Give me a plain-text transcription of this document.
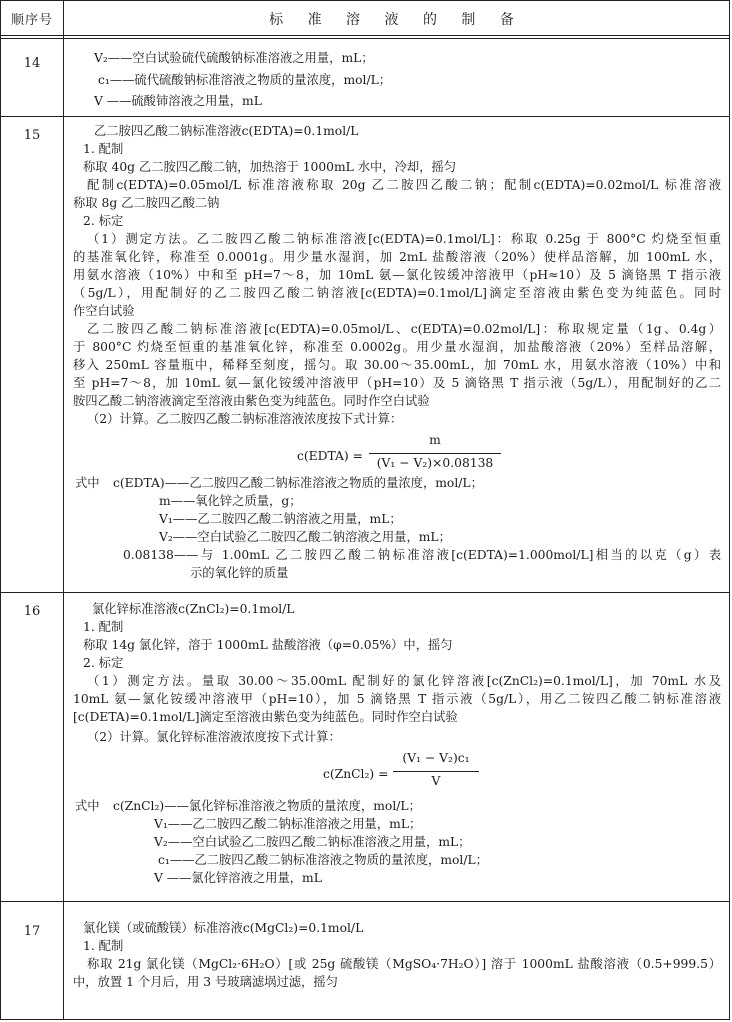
顺序号	标 准 溶 液 的 制 备
14	V₂——空白试验硫代硫酸钠标准溶液之用量，mL；
c₁——硫代硫酸钠标准溶液之物质的量浓度，mol/L；
V ——硫酸铈溶液之用量，mL
15	乙二胺四乙酸二钠标准溶液c(EDTA)=0.1mol/L
1. 配制
称取 40g 乙二胺四乙酸二钠，加热溶于 1000mL 水中，冷却，摇匀
配制c(EDTA)=0.05mol/L 标准溶液称取 20g 乙二胺四乙酸二钠；配制c(EDTA)=0.02mol/L 标准溶液
称取 8g 乙二胺四乙酸二钠
2. 标定
（1）测定方法。乙二胺四乙酸二钠标准溶液[c(EDTA)=0.1mol/L]：称取 0.25g 于 800°C 灼烧至恒重
的基准氧化锌，称准至 0.0001g。用少量水湿润，加 2mL 盐酸溶液（20%）使样品溶解，加 100mL 水，
用氨水溶液（10%）中和至 pH=7～8，加 10mL 氨—氯化铵缓冲溶液甲（pH≈10）及 5 滴铬黑 T 指示液
（5g/L），用配制好的乙二胺四乙酸二钠溶液[c(EDTA)=0.1mol/L]滴定至溶液由紫色变为纯蓝色。同时
作空白试验
乙二胺四乙酸二钠标准溶液[c(EDTA)=0.05mol/L、c(EDTA)=0.02mol/L]：称取规定量（1g、0.4g）
于 800°C 灼烧至恒重的基准氧化锌，称准至 0.0002g。用少量水湿润，加盐酸溶液（20%）至样品溶解，
移入 250mL 容量瓶中，稀释至刻度，摇匀。取 30.00～35.00mL，加 70mL 水，用氨水溶液（10%）中和
至 pH=7～8，加 10mL 氨—氯化铵缓冲溶液甲（pH=10）及 5 滴铬黑 T 指示液（5g/L），用配制好的乙二
胺四乙酸二钠溶液滴定至溶液由紫色变为纯蓝色。同时作空白试验
（2）计算。乙二胺四乙酸二钠标准溶液浓度按下式计算：
c(EDTA) =
m
(V₁ − V₂)×0.08138
式中 c(EDTA)——乙二胺四乙酸二钠标准溶液之物质的量浓度，mol/L；
m——氧化锌之质量，g；
V₁——乙二胺四乙酸二钠溶液之用量，mL；
V₂——空白试验乙二胺四乙酸二钠溶液之用量，mL；
0.08138——与 1.00mL 乙二胺四乙酸二钠标准溶液[c(EDTA)=1.000mol/L]相当的以克（g）表
示的氧化锌的质量
16	氯化锌标准溶液c(ZnCl₂)=0.1mol/L
1. 配制
称取 14g 氯化锌，溶于 1000mL 盐酸溶液（φ=0.05%）中，摇匀
2. 标定
（1）测定方法。量取 30.00～35.00mL 配制好的氯化锌溶液[c(ZnCl₂)=0.1mol/L]，加 70mL 水及
10mL 氨—氯化铵缓冲溶液甲（pH=10），加 5 滴铬黑 T 指示液（5g/L），用乙二铵四乙酸二钠标准溶液
[c(DETA)=0.1mol/L]滴定至溶液由紫色变为纯蓝色。同时作空白试验
（2）计算。氯化锌标准溶液浓度按下式计算：
c(ZnCl₂) =
(V₁ − V₂)c₁
V
式中 c(ZnCl₂)——氯化锌标准溶液之物质的量浓度，mol/L；
V₁——乙二胺四乙酸二钠标准溶液之用量，mL；
V₂——空白试验乙二胺四乙酸二钠标准溶液之用量，mL；
c₁——乙二胺四乙酸二钠标准溶液之物质的量浓度，mol/L；
V ——氯化锌溶液之用量，mL
17	氯化镁（或硫酸镁）标准溶液c(MgCl₂)=0.1mol/L
1. 配制
称取 21g 氯化镁（MgCl₂·6H₂O）[或 25g 硫酸镁（MgSO₄·7H₂O）] 溶于 1000mL 盐酸溶液（0.5+999.5）
中，放置 1 个月后，用 3 号玻璃滤埚过滤，摇匀
